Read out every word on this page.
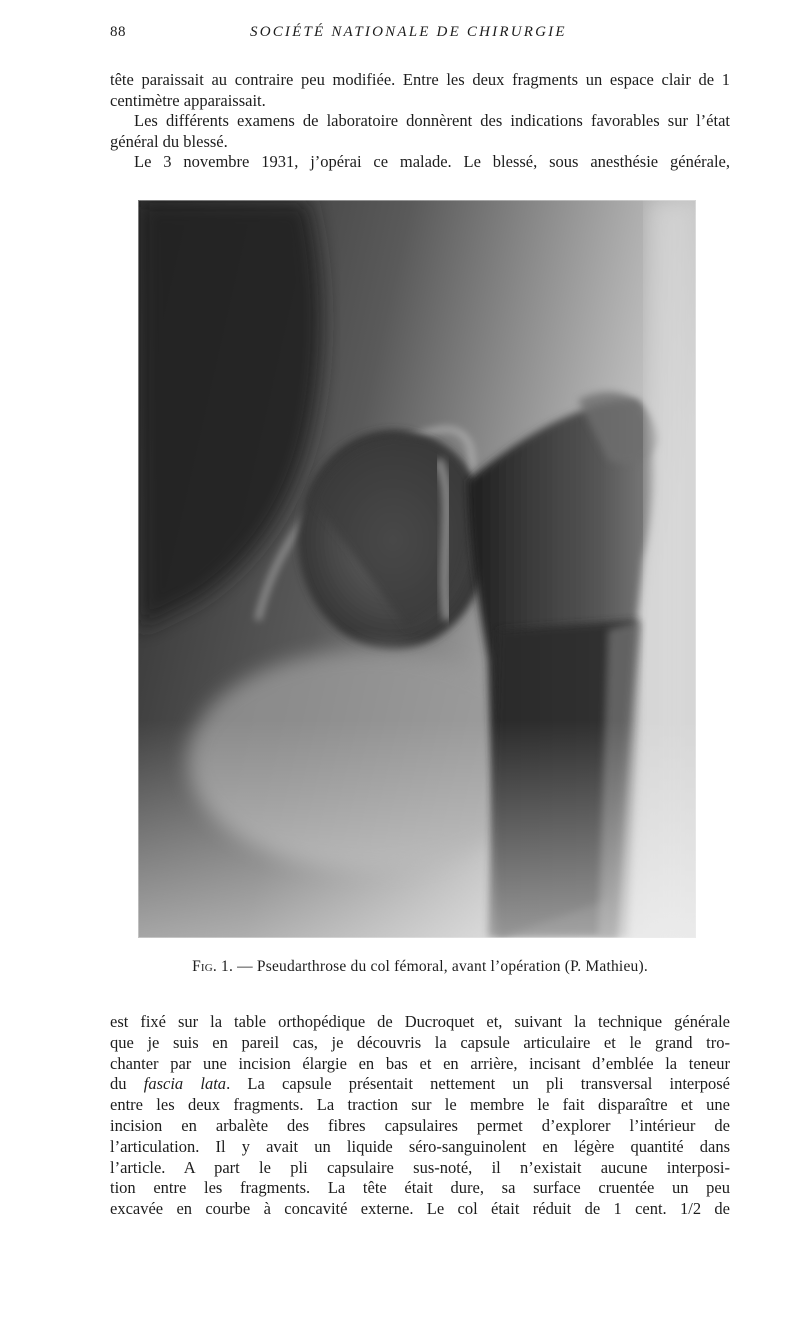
88	SOCIÉTÉ NATIONALE DE CHIRURGIE

tête paraissait au contraire peu modifiée. Entre les deux fragments un espace clair de 1 centimètre apparaissait.

Les différents examens de laboratoire donnèrent des indications favorables sur l’état général du blessé.

Le 3 novembre 1931, j’opérai ce malade. Le blessé, sous anesthésie générale,

Fig. 1. — Pseudarthrose du col fémoral, avant l’opération (P. Mathieu).
est fixé sur la table orthopédique de Ducroquet et, suivant la technique générale
que je suis en pareil cas, je découvris la capsule articulaire et le grand tro-
chanter par une incision élargie en bas et en arrière, incisant d’emblée la teneur
du fascia lata. La capsule présentait nettement un pli transversal interposé
entre les deux fragments. La traction sur le membre le fait disparaître et une
incision en arbalète des fibres capsulaires permet d’explorer l’intérieur de
l’articulation. Il y avait un liquide séro-sanguinolent en légère quantité dans
l’article. A part le pli capsulaire sus-noté, il n’existait aucune interposi-
tion entre les fragments. La tête était dure, sa surface cruentée un peu
excavée en courbe à concavité externe. Le col était réduit de 1 cent. 1/2 de
